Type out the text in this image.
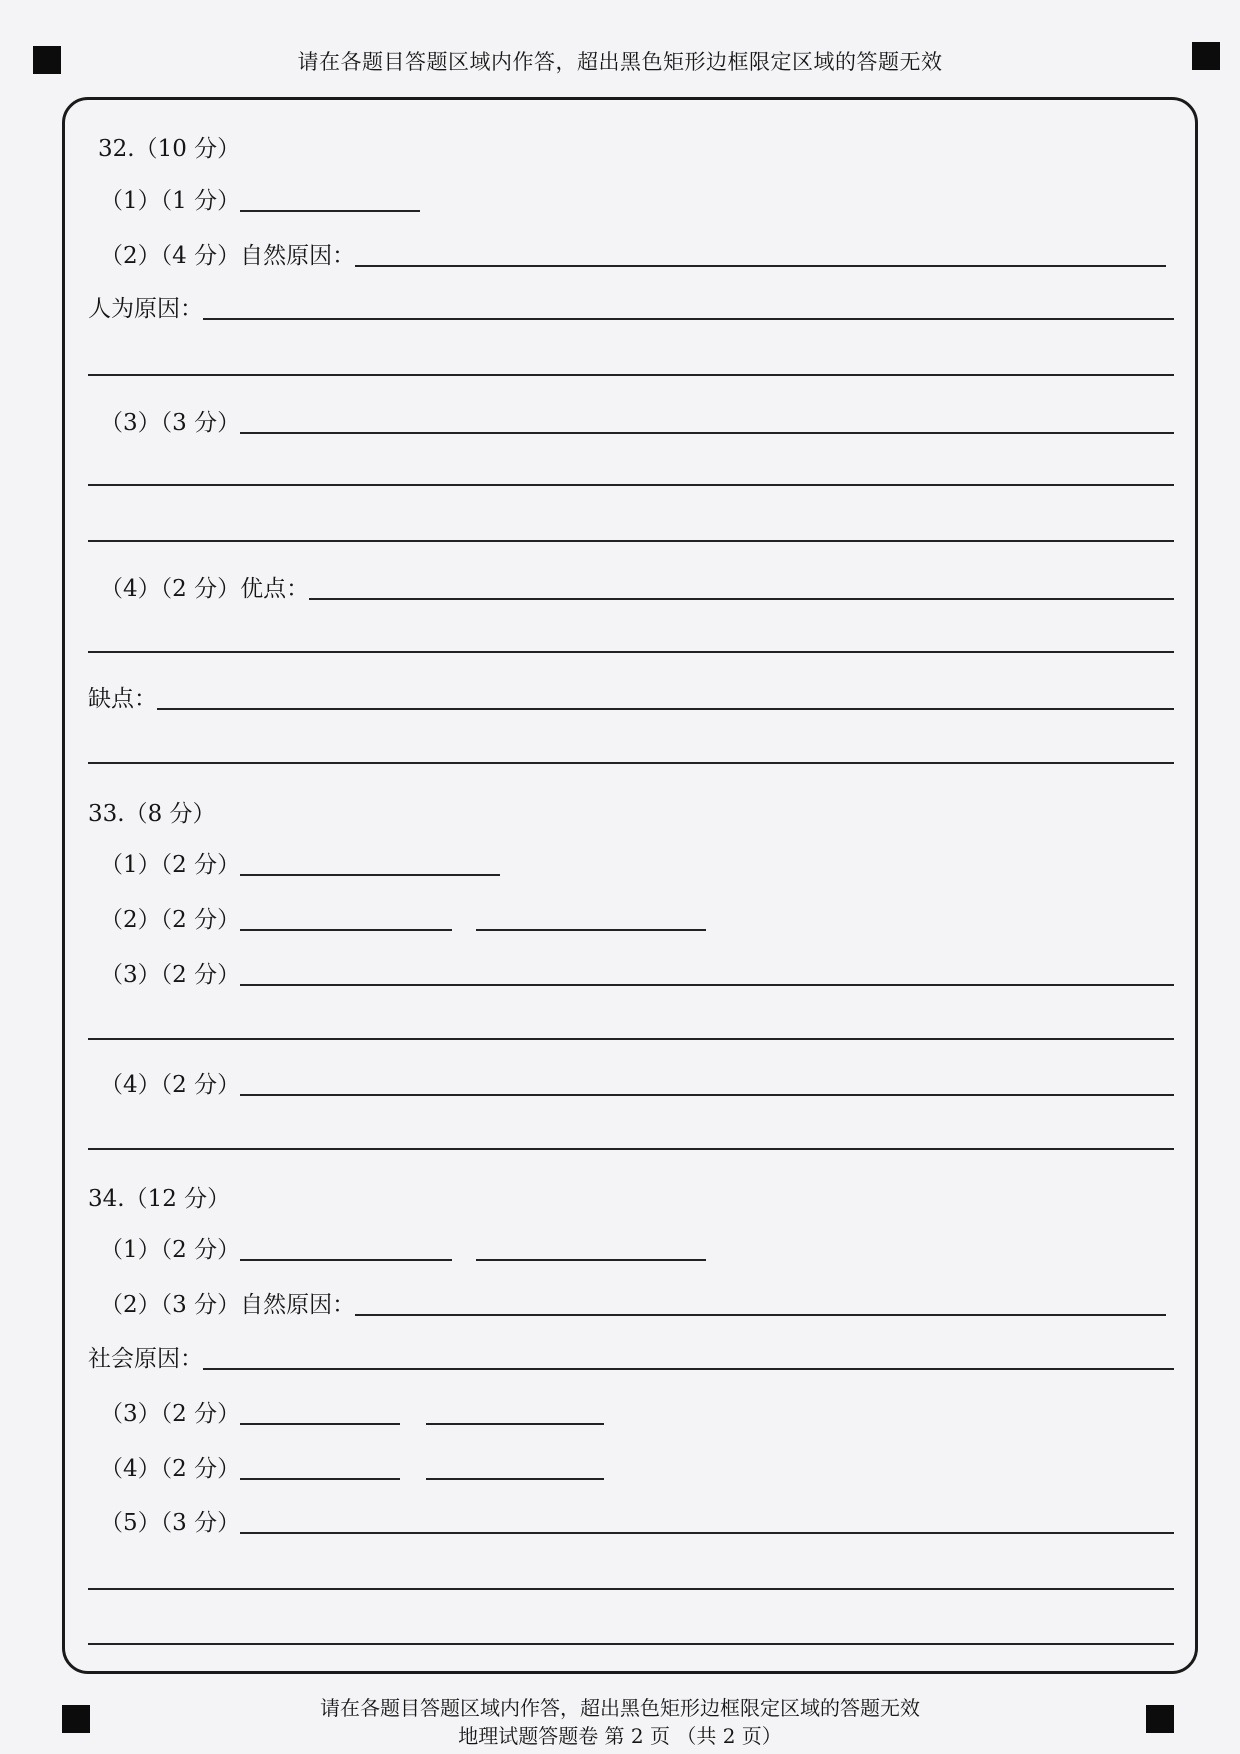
请在各题目答题区域内作答，超出黑色矩形边框限定区域的答题无效
32.（10 分）
（1）（1 分）
（2）（4 分）自然原因：
人为原因：
（3）（3 分）
（4）（2 分）优点：
缺点：
33.（8 分）
（1）（2 分）
（2）（2 分）
（3）（2 分）
（4）（2 分）
34.（12 分）
（1）（2 分）
（2）（3 分）自然原因：
社会原因：
（3）（2 分）
（4）（2 分）
（5）（3 分）
请在各题目答题区域内作答，超出黑色矩形边框限定区域的答题无效
地理试题答题卷 第 2 页 （共 2 页）
